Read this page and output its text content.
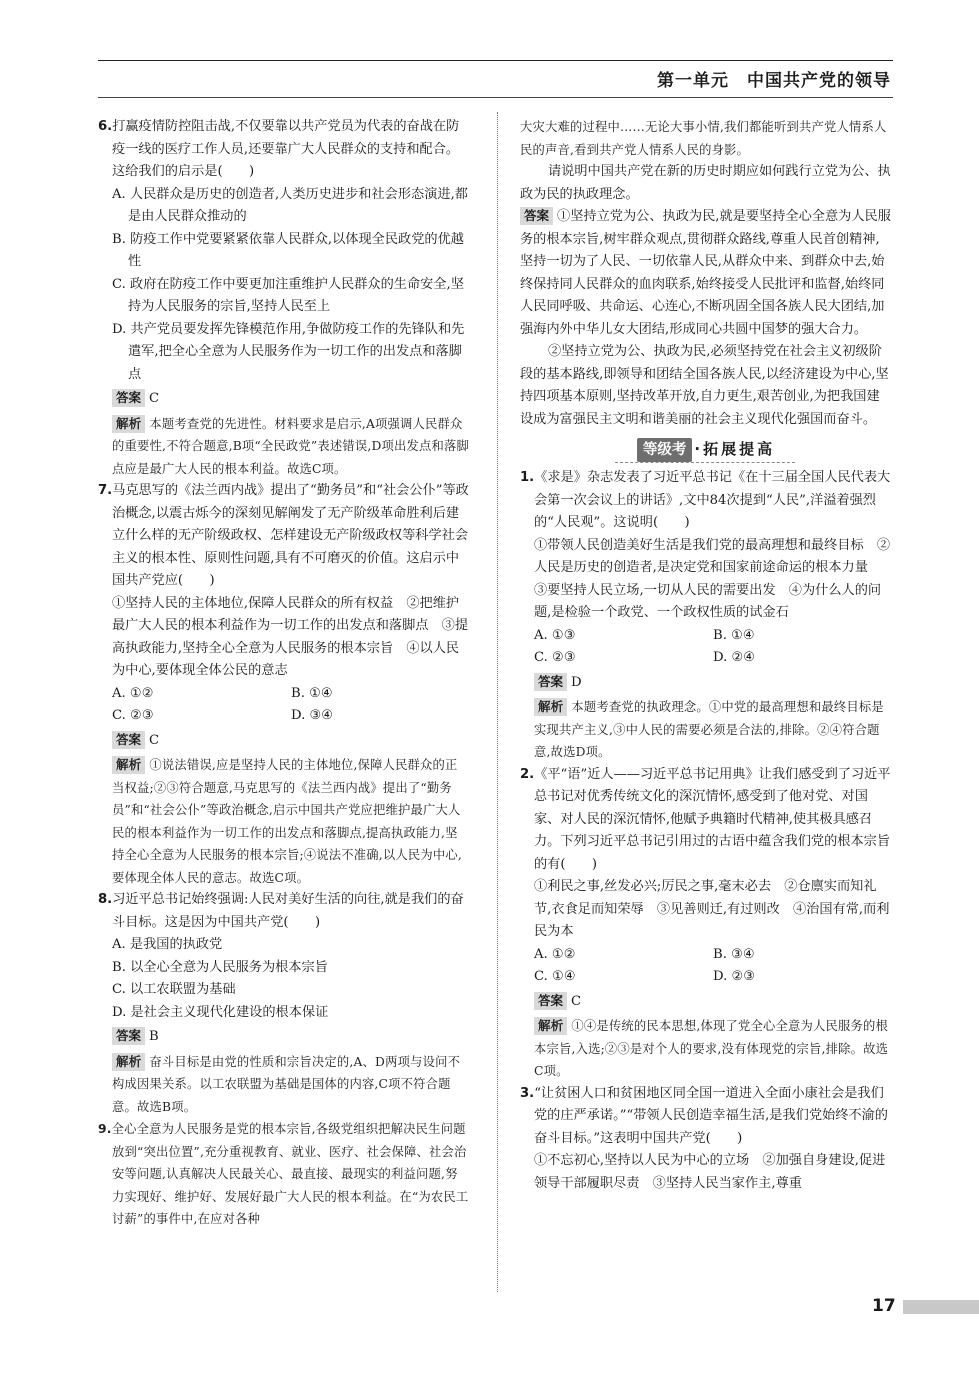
第一单元　 中国共产党的领导
6.打赢疫情防控阻击战,不仅要靠以共产党员为代表的奋战在防疫一线的医疗工作人员,还要靠广大人民群众的支持和配合。这给我们的启示是(　　)
A. 人民群众是历史的创造者,人类历史进步和社会形态演进,都是由人民群众推动的
B. 防疫工作中党要紧紧依靠人民群众,以体现全民政党的优越性
C. 政府在防疫工作中要更加注重维护人民群众的生命安全,坚持为人民服务的宗旨,坚持人民至上
D. 共产党员要发挥先锋模范作用,争做防疫工作的先锋队和先遣军,把全心全意为人民服务作为一切工作的出发点和落脚点
答案 C
解析 本题考查党的先进性。材料要求是启示,A项强调人民群众的重要性,不符合题意,B项“全民政党”表述错误,D项出发点和落脚点应是最广大人民的根本利益。故选C项。
7.马克思写的《法兰西内战》提出了“勤务员”和“社会公仆”等政治概念,以震古烁今的深刻见解阐发了无产阶级革命胜利后建立什么样的无产阶级政权、怎样建设无产阶级政权等科学社会主义的根本性、原则性问题,具有不可磨灭的价值。这启示中国共产党应(　　)
①坚持人民的主体地位,保障人民群众的所有权益　②把维护最广大人民的根本利益作为一切工作的出发点和落脚点　③提高执政能力,坚持全心全意为人民服务的根本宗旨　④以人民为中心,要体现全体公民的意志
A. ①②	B. ①④
C. ②③	D. ③④
答案 C
解析 ①说法错误,应是坚持人民的主体地位,保障人民群众的正当权益;②③符合题意,马克思写的《法兰西内战》提出了“勤务员”和“社会公仆”等政治概念,启示中国共产党应把维护最广大人民的根本利益作为一切工作的出发点和落脚点,提高执政能力,坚持全心全意为人民服务的根本宗旨;④说法不准确,以人民为中心,要体现全体人民的意志。故选C项。
8.习近平总书记始终强调:人民对美好生活的向往,就是我们的奋斗目标。这是因为中国共产党(　　)
A. 是我国的执政党
B. 以全心全意为人民服务为根本宗旨
C. 以工农联盟为基础
D. 是社会主义现代化建设的根本保证
答案 B
解析 奋斗目标是由党的性质和宗旨决定的,A、D两项与设问不构成因果关系。以工农联盟为基础是国体的内容,C项不符合题意。故选B项。
9.全心全意为人民服务是党的根本宗旨,各级党组织把解决民生问题放到“突出位置”,充分重视教育、就业、医疗、社会保障、社会治安等问题,认真解决人民最关心、最直接、最现实的利益问题,努力实现好、维护好、发展好最广大人民的根本利益。在“为农民工讨薪”的事件中,在应对各种
大灾大难的过程中……无论大事小情,我们都能听到共产党人情系人民的声音,看到共产党人情系人民的身影。
请说明中国共产党在新的历史时期应如何践行立党为公、执政为民的执政理念。
答案 ①坚持立党为公、执政为民,就是要坚持全心全意为人民服务的根本宗旨,树牢群众观点,贯彻群众路线,尊重人民首创精神,坚持一切为了人民、一切依靠人民,从群众中来、到群众中去,始终保持同人民群众的血肉联系,始终接受人民批评和监督,始终同人民同呼吸、共命运、心连心,不断巩固全国各族人民大团结,加强海内外中华儿女大团结,形成同心共圆中国梦的强大合力。
②坚持立党为公、执政为民,必须坚持党在社会主义初级阶段的基本路线,即领导和团结全国各族人民,以经济建设为中心,坚持四项基本原则,坚持改革开放,自力更生,艰苦创业,为把我国建设成为富强民主文明和谐美丽的社会主义现代化强国而奋斗。
等级考 ·拓展提高
1.《求是》杂志发表了习近平总书记《在十三届全国人民代表大会第一次会议上的讲话》,文中84次提到“人民”,洋溢着强烈的“人民观”。这说明(　　)
①带领人民创造美好生活是我们党的最高理想和最终目标　②人民是历史的创造者,是决定党和国家前途命运的根本力量　③要坚持人民立场,一切从人民的需要出发　④为什么人的问题,是检验一个政党、一个政权性质的试金石
A. ①③	B. ①④
C. ②③	D. ②④
答案 D
解析 本题考查党的执政理念。①中党的最高理想和最终目标是实现共产主义,③中人民的需要必须是合法的,排除。②④符合题意,故选D项。
2.《平“语”近人——习近平总书记用典》让我们感受到了习近平总书记对优秀传统文化的深沉情怀,感受到了他对党、对国家、对人民的深沉情怀,他赋予典籍时代精神,使其极具感召力。下列习近平总书记引用过的古语中蕴含我们党的根本宗旨的有(　　)
①利民之事,丝发必兴;厉民之事,毫末必去　②仓廪实而知礼节,衣食足而知荣辱　③见善则迁,有过则改　④治国有常,而利民为本
A. ①②	B. ③④
C. ①④	D. ②③
答案 C
解析 ①④是传统的民本思想,体现了党全心全意为人民服务的根本宗旨,入选;②③是对个人的要求,没有体现党的宗旨,排除。故选C项。
3.“让贫困人口和贫困地区同全国一道进入全面小康社会是我们党的庄严承诺。”“带领人民创造幸福生活,是我们党始终不渝的奋斗目标。”这表明中国共产党(　　)
①不忘初心,坚持以人民为中心的立场　②加强自身建设,促进领导干部履职尽责　③坚持人民当家作主,尊重
17
